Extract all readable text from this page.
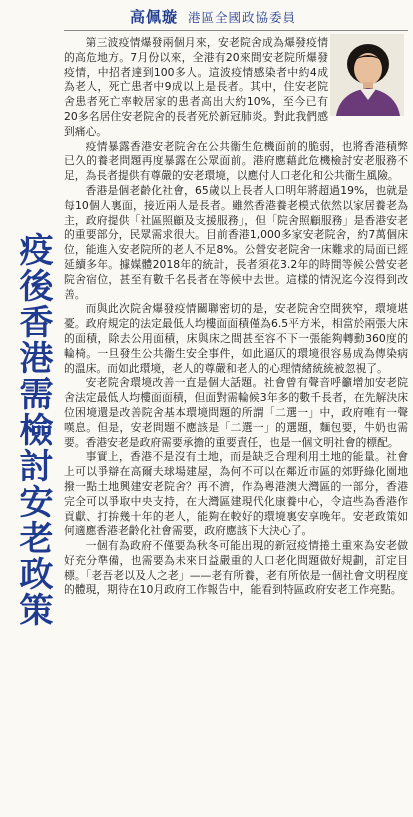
高佩璇 港區全國政協委員
疫後香港需檢討安老政策

第三波疫情爆發兩個月來，安老院舍成為爆發疫情的高危地方。7月份以來，全港有20來間安老院所爆發疫情，中招者達到100多人。這波疫情感染者中約4成為老人，死亡患者中9成以上是長者。其中，住安老院舍患者死亡率較居家的患者高出大約10%，至今已有20多名居住安老院舍的長者死於新冠肺炎。對此我們感到痛心。

疫情暴露香港安老院舍在公共衞生危機面前的脆弱，也將香港積弊已久的養老問題再度暴露在公眾面前。港府應藉此危機檢討安老服務不足，為長者提供有尊嚴的安老環境，以應付人口老化和公共衞生風險。

香港是個老齡化社會，65歲以上長者人口明年將超過19%，也就是每10個人裏面，接近兩人是長者。雖然香港養老模式依然以家居養老為主，政府提供「社區照顧及支援服務」，但「院舍照顧服務」是香港安老的重要部分，民眾需求很大。目前香港1,000多家安老院舍，約7萬個床位，能進入安老院所的老人不足8%。公營安老院舍一床難求的局面已經延續多年。據媒體2018年的統計，長者須花3.2年的時間等候公營安老院舍宿位，甚至有數千名長者在等候中去世。這樣的情況迄今沒得到改善。

而與此次院舍爆發疫情關聯密切的是，安老院舍空間狹窄，環境堪憂。政府規定的法定最低人均樓面面積僅為6.5平方米，相當於兩張大床的面積，除去公用面積，床與床之間甚至容不下一張能夠轉動360度的輪椅。一旦發生公共衞生安全事件，如此逼仄的環境很容易成為傳染病的溫床。而如此環境，老人的尊嚴和老人的心理情緒統統被忽視了。

安老院舍環境改善一直是個大話題。社會曾有聲音呼籲增加安老院舍法定最低人均樓面面積，但面對需輪候3年多的數千長者，在先解決床位困境還是改善院舍基本環境問題的所謂「二選一」中，政府唯有一聲嘆息。但是，安老問題不應該是「二選一」的選題，麵包要，牛奶也需要。香港安老是政府需要承擔的重要責任，也是一個文明社會的標配。

事實上，香港不是沒有土地，而是缺乏合理利用土地的能量。社會上可以爭辯在高爾夫球場建屋，為何不可以在鄰近市區的郊野綠化園地撥一點土地興建安老院舍？再不濟，作為粵港澳大灣區的一部分，香港完全可以爭取中央支持，在大灣區建現代化康養中心，令這些為香港作貢獻、打拚幾十年的老人，能夠在較好的環境裏安享晚年。安老政策如何適應香港老齡化社會需要，政府應該下大決心了。

一個有為政府不僅要為秋冬可能出現的新冠疫情捲土重來為安老做好充分準備，也需要為未來日益嚴重的人口老化問題做好規劃，訂定目標。「老吾老以及人之老」——老有所養，老有所依是一個社會文明程度的體現，期待在10月政府工作報告中，能看到特區政府安老工作亮點。
